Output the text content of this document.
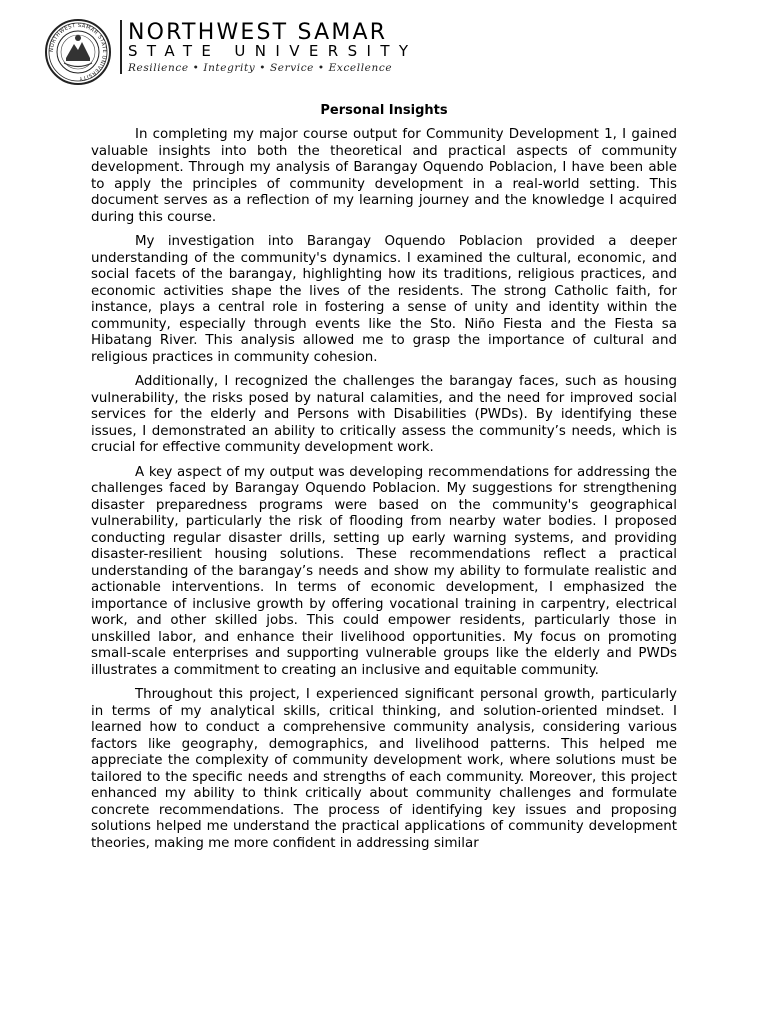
NORTHWEST SAMAR STATE UNIVERSITY
NORTHWEST SAMAR
STATE UNIVERSITY
Resilience • Integrity • Service • Excellence
Personal Insights

In completing my major course output for Community Development 1, I gained valuable insights into both the theoretical and practical aspects of community development. Through my analysis of Barangay Oquendo Poblacion, I have been able to apply the principles of community development in a real-world setting. This document serves as a reflection of my learning journey and the knowledge I acquired during this course.

My investigation into Barangay Oquendo Poblacion provided a deeper understanding of the community's dynamics. I examined the cultural, economic, and social facets of the barangay, highlighting how its traditions, religious practices, and economic activities shape the lives of the residents. The strong Catholic faith, for instance, plays a central role in fostering a sense of unity and identity within the community, especially through events like the Sto. Niño Fiesta and the Fiesta sa Hibatang River. This analysis allowed me to grasp the importance of cultural and religious practices in community cohesion.

Additionally, I recognized the challenges the barangay faces, such as housing vulnerability, the risks posed by natural calamities, and the need for improved social services for the elderly and Persons with Disabilities (PWDs). By identifying these issues, I demonstrated an ability to critically assess the community’s needs, which is crucial for effective community development work.

A key aspect of my output was developing recommendations for addressing the challenges faced by Barangay Oquendo Poblacion. My suggestions for strengthening disaster preparedness programs were based on the community's geographical vulnerability, particularly the risk of flooding from nearby water bodies. I proposed conducting regular disaster drills, setting up early warning systems, and providing disaster-resilient housing solutions. These recommendations reflect a practical understanding of the barangay’s needs and show my ability to formulate realistic and actionable interventions. In terms of economic development, I emphasized the importance of inclusive growth by offering vocational training in carpentry, electrical work, and other skilled jobs. This could empower residents, particularly those in unskilled labor, and enhance their livelihood opportunities. My focus on promoting small-scale enterprises and supporting vulnerable groups like the elderly and PWDs illustrates a commitment to creating an inclusive and equitable community.

Throughout this project, I experienced significant personal growth, particularly in terms of my analytical skills, critical thinking, and solution-oriented mindset. I learned how to conduct a comprehensive community analysis, considering various factors like geography, demographics, and livelihood patterns. This helped me appreciate the complexity of community development work, where solutions must be tailored to the specific needs and strengths of each community. Moreover, this project enhanced my ability to think critically about community challenges and formulate concrete recommendations. The process of identifying key issues and proposing solutions helped me understand the practical applications of community development theories, making me more confident in addressing similar
